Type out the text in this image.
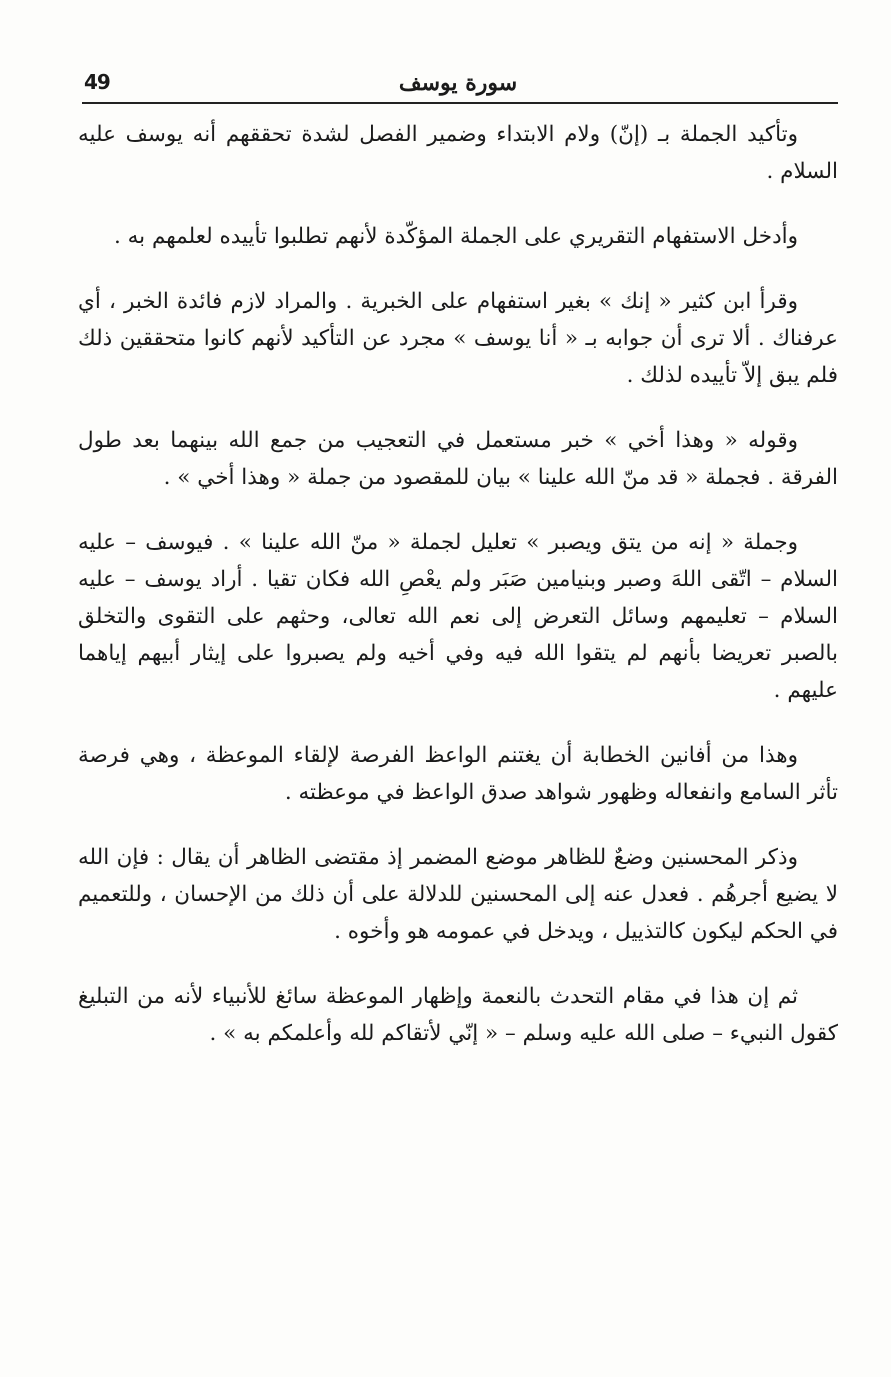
49	سورة يوسف

وتأكيد الجملة بـ (إنّ) ولام الابتداء وضمير الفصل لشدة تحققهم أنه يوسف عليه السلام .

وأدخل الاستفهام التقريري على الجملة المؤكّدة لأنهم تطلبوا تأييده لعلمهم به .

وقرأ ابن كثير « إنك » بغير استفهام على الخبرية . والمراد لازم فائدة الخبر ، أي عرفناك . ألا ترى أن جوابه بـ « أنا يوسف » مجرد عن التأكيد لأنهم كانوا متحققين ذلك فلم يبق إلاّ تأييده لذلك .

وقوله « وهذا أخي » خبر مستعمل في التعجيب من جمع الله بينهما بعد طول الفرقة . فجملة « قد منّ الله علينا » بيان للمقصود من جملة « وهذا أخي » .

وجملة « إنه من يتق ويصبر » تعليل لجملة « منّ الله علينا » . فيوسف – عليه السلام – اتّقى اللهَ وصبر وبنيامين صَبَر ولم يعْصِ الله فكان تقيا . أراد يوسف – عليه السلام – تعليمهم وسائل التعرض إلى نعم الله تعالى، وحثهم على التقوى والتخلق بالصبر تعريضا بأنهم لم يتقوا الله فيه وفي أخيه ولم يصبروا على إيثار أبيهم إياهما عليهم .

وهذا من أفانين الخطابة أن يغتنم الواعظ الفرصة لإلقاء الموعظة ، وهي فرصة تأثر السامع وانفعاله وظهور شواهد صدق الواعظ في موعظته .

وذكر المحسنين وضعٌ للظاهر موضع المضمر إذ مقتضى الظاهر أن يقال : فإن الله لا يضيع أجرهُم . فعدل عنه إلى المحسنين للدلالة على أن ذلك من الإحسان ، وللتعميم في الحكم ليكون كالتذييل ، ويدخل في عمومه هو وأخوه .

ثم إن هذا في مقام التحدث بالنعمة وإظهار الموعظة سائغ للأنبياء لأنه من التبليغ كقول النبيء – صلى الله عليه وسلم – « إنّي لأتقاكم لله وأعلمكم به » .
